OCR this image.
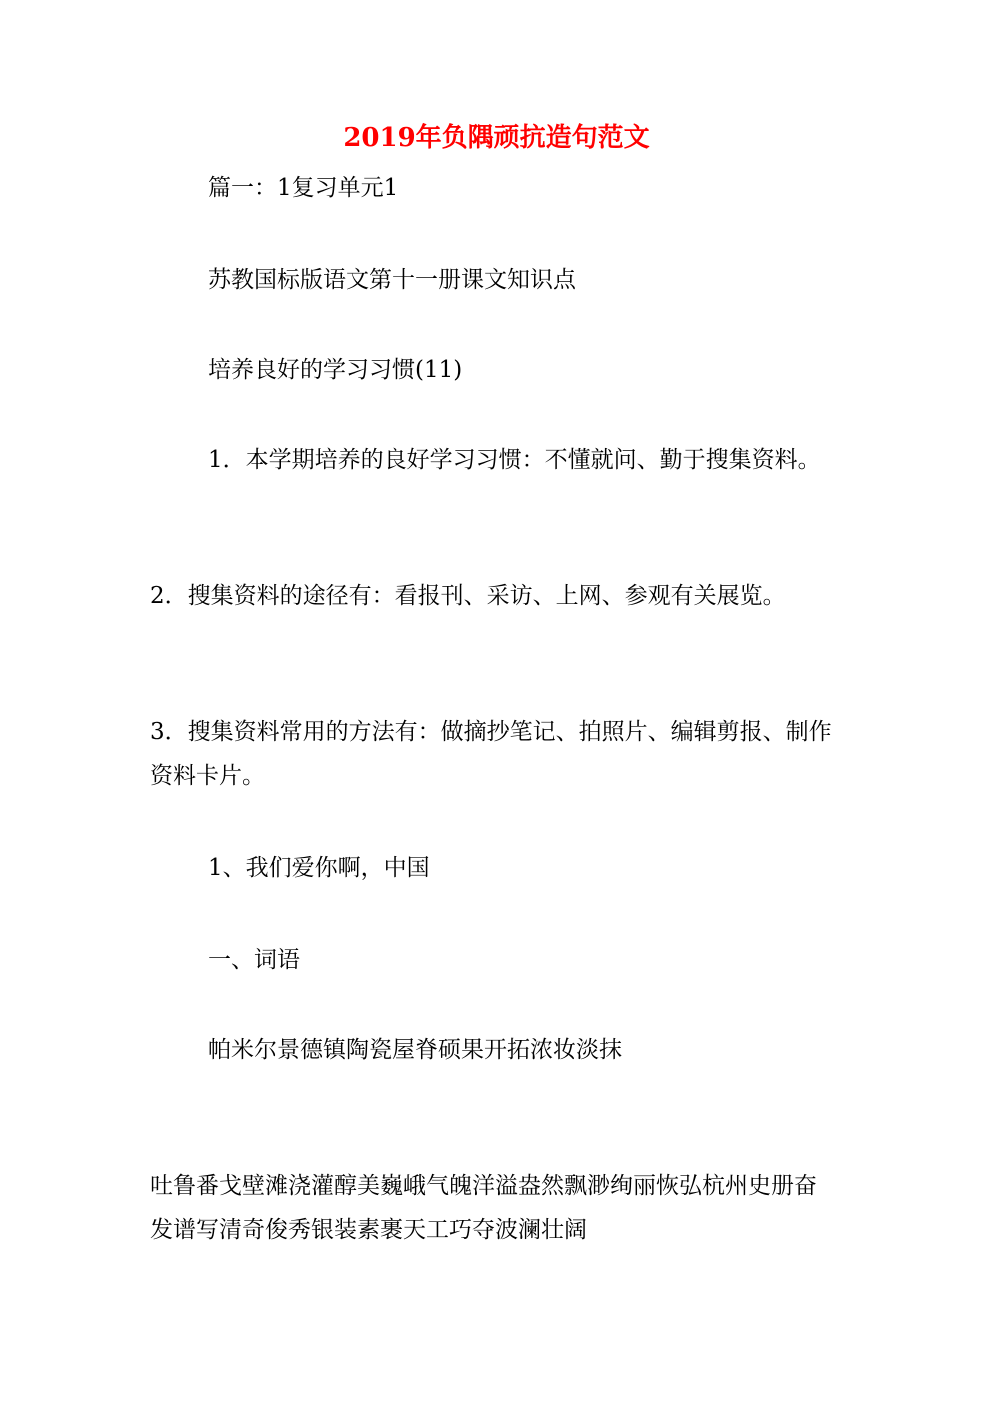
2019年负隅顽抗造句范文
篇一：1复习单元1
苏教国标版语文第十一册课文知识点
培养良好的学习习惯(11)
1．本学期培养的良好学习习惯：不懂就问、勤于搜集资料。
2．搜集资料的途径有：看报刊、采访、上网、参观有关展览。
3．搜集资料常用的方法有：做摘抄笔记、拍照片、编辑剪报、制作
资料卡片。
1、我们爱你啊，中国
一、词语
帕米尔景德镇陶瓷屋脊硕果开拓浓妆淡抹
吐鲁番戈壁滩浇灌醇美巍峨气魄洋溢盎然飘渺绚丽恢弘杭州史册奋
发谱写清奇俊秀银装素裹天工巧夺波澜壮阔
